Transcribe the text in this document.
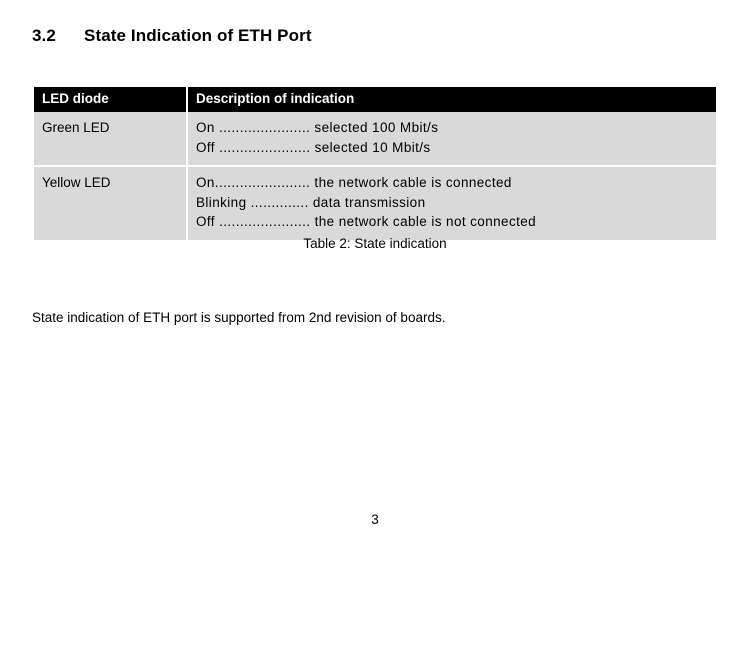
3.2 State Indication of ETH Port
LED diode	Description of indication
Green LED	On ...................... selected 100 Mbit/s
Off ...................... selected 10 Mbit/s

Yellow LED	On....................... the network cable is connected
Blinking .............. data transmission
Off ...................... the network cable is not connected
Table 2: State indication
State indication of ETH port is supported from 2nd revision of boards.
3
